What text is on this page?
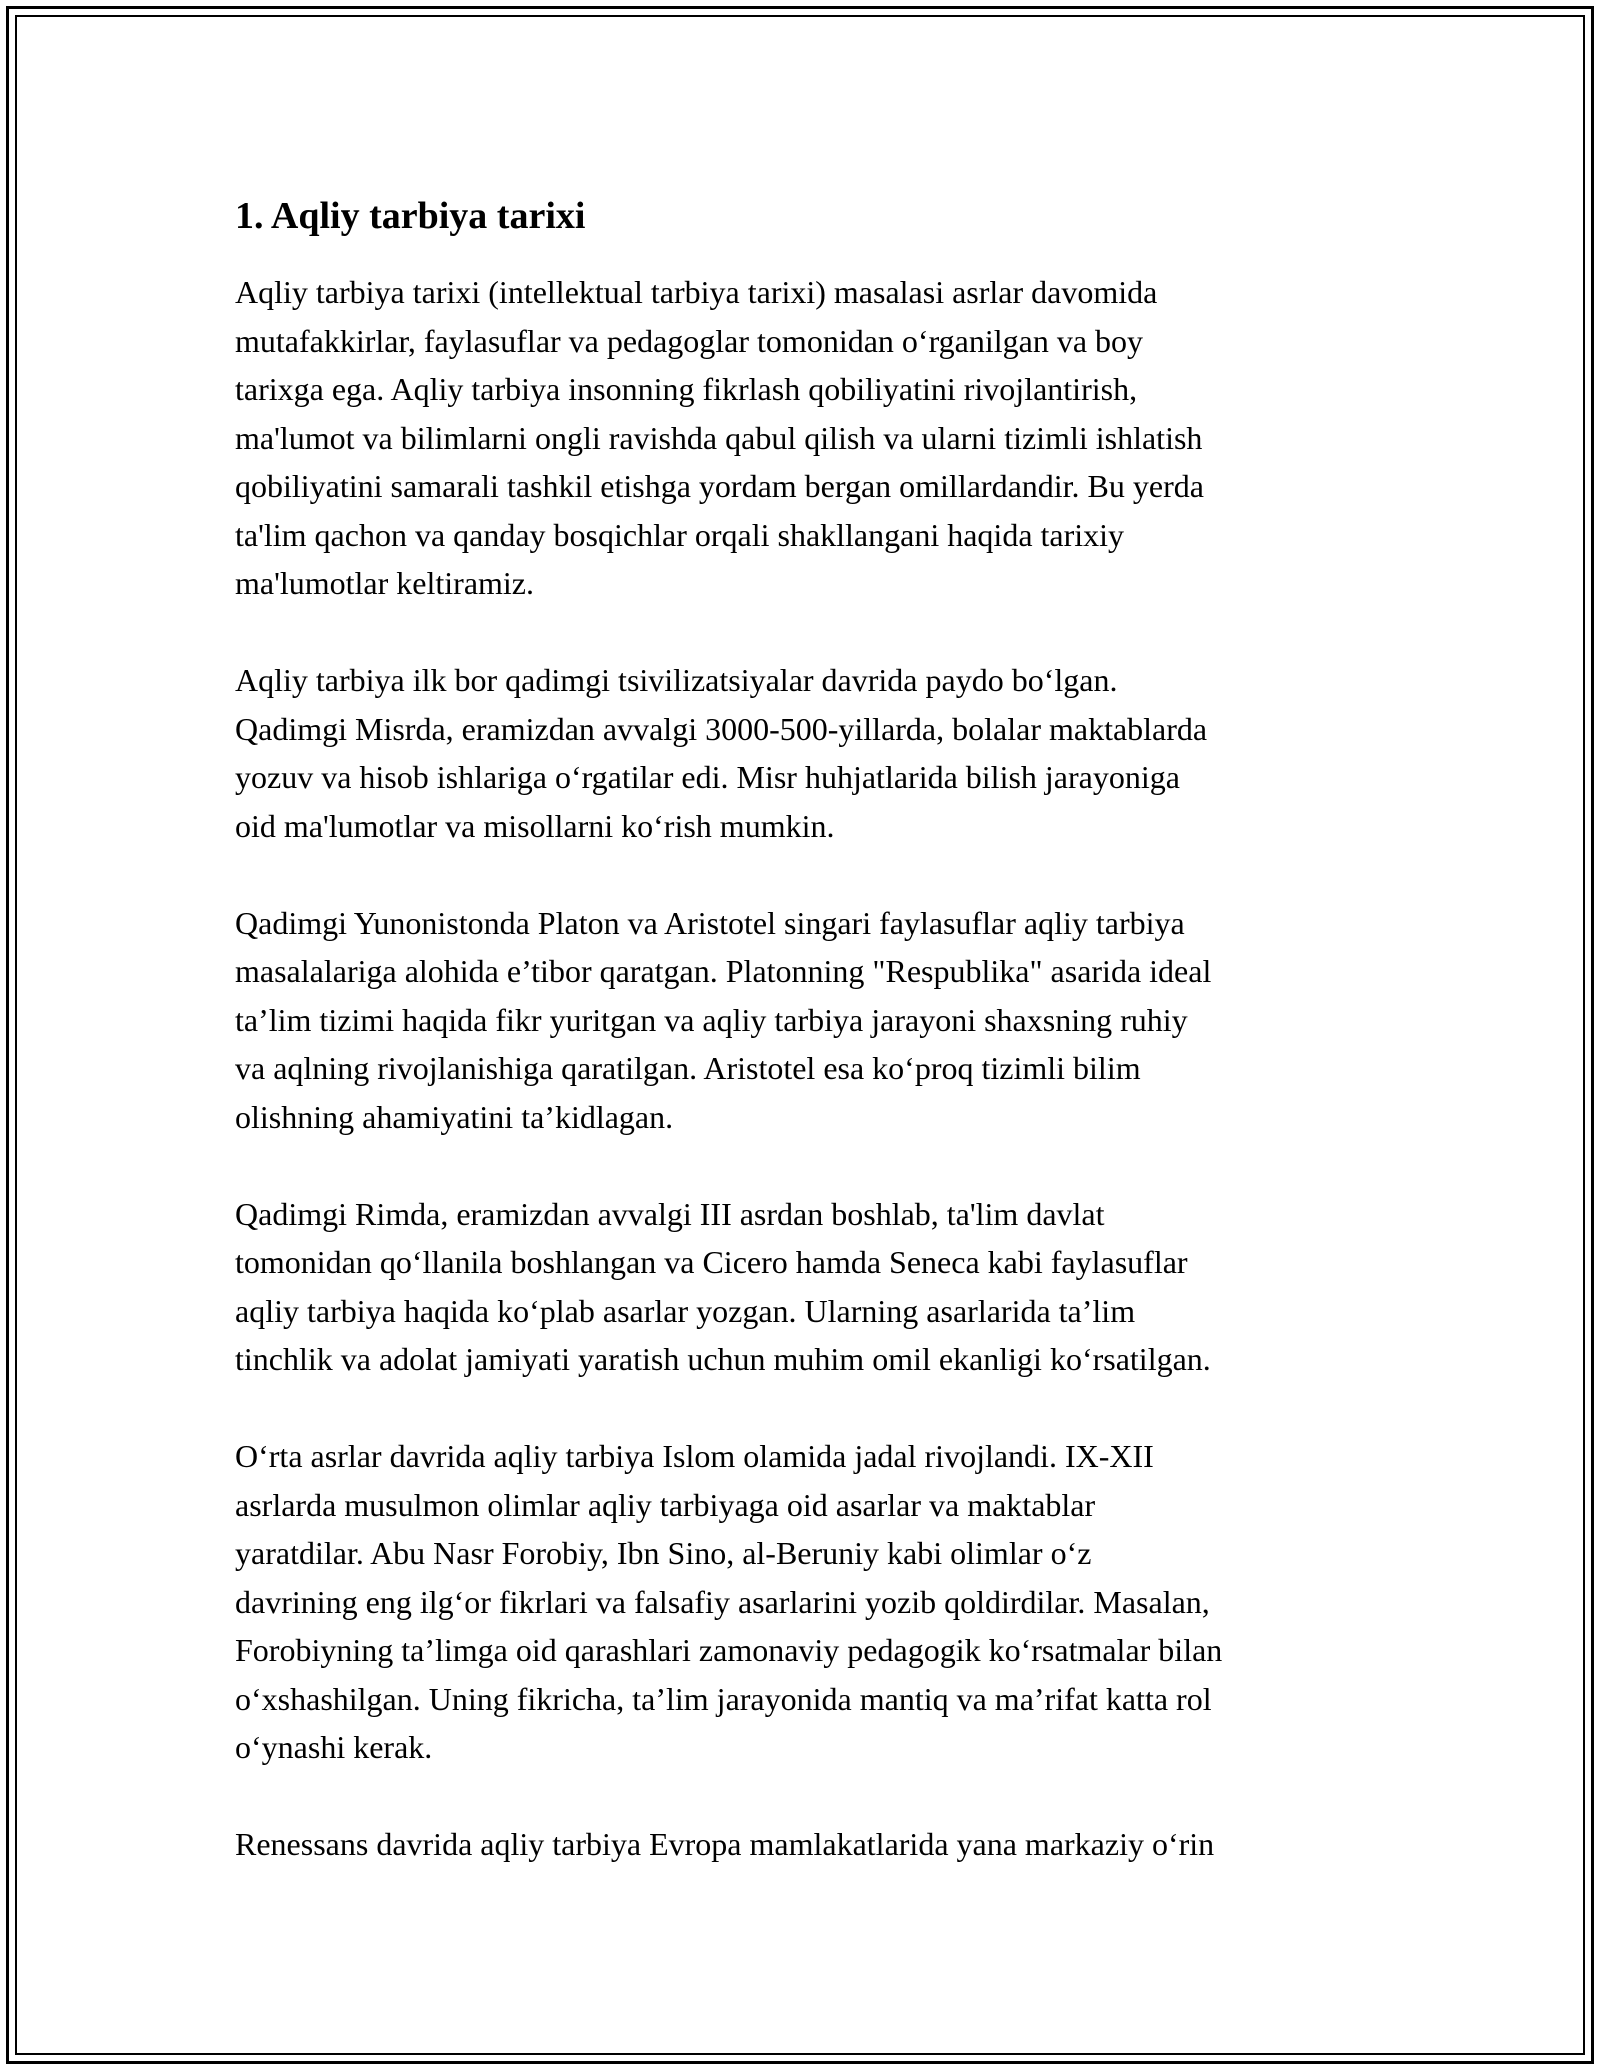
1. Aqliy tarbiya tarixi

Aqliy tarbiya tarixi (intellektual tarbiya tarixi) masalasi asrlar davomida
mutafakkirlar, faylasuflar va pedagoglar tomonidan o‘rganilgan va boy
tarixga ega. Aqliy tarbiya insonning fikrlash qobiliyatini rivojlantirish,
ma'lumot va bilimlarni ongli ravishda qabul qilish va ularni tizimli ishlatish
qobiliyatini samarali tashkil etishga yordam bergan omillardandir. Bu yerda
ta'lim qachon va qanday bosqichlar orqali shakllangani haqida tarixiy
ma'lumotlar keltiramiz.

Aqliy tarbiya ilk bor qadimgi tsivilizatsiyalar davrida paydo bo‘lgan.
Qadimgi Misrda, eramizdan avvalgi 3000-500-yillarda, bolalar maktablarda
yozuv va hisob ishlariga o‘rgatilar edi. Misr huhjatlarida bilish jarayoniga
oid ma'lumotlar va misollarni ko‘rish mumkin.

Qadimgi Yunonistonda Platon va Aristotel singari faylasuflar aqliy tarbiya
masalalariga alohida e’tibor qaratgan. Platonning "Respublika" asarida ideal
ta’lim tizimi haqida fikr yuritgan va aqliy tarbiya jarayoni shaxsning ruhiy
va aqlning rivojlanishiga qaratilgan. Aristotel esa ko‘proq tizimli bilim
olishning ahamiyatini ta’kidlagan.

Qadimgi Rimda, eramizdan avvalgi III asrdan boshlab, ta'lim davlat
tomonidan qo‘llanila boshlangan va Cicero hamda Seneca kabi faylasuflar
aqliy tarbiya haqida ko‘plab asarlar yozgan. Ularning asarlarida ta’lim
tinchlik va adolat jamiyati yaratish uchun muhim omil ekanligi ko‘rsatilgan.

O‘rta asrlar davrida aqliy tarbiya Islom olamida jadal rivojlandi. IX-XII
asrlarda musulmon olimlar aqliy tarbiyaga oid asarlar va maktablar
yaratdilar. Abu Nasr Forobiy, Ibn Sino, al-Beruniy kabi olimlar o‘z
davrining eng ilg‘or fikrlari va falsafiy asarlarini yozib qoldirdilar. Masalan,
Forobiyning ta’limga oid qarashlari zamonaviy pedagogik ko‘rsatmalar bilan
o‘xshashilgan. Uning fikricha, ta’lim jarayonida mantiq va ma’rifat katta rol
o‘ynashi kerak.

Renessans davrida aqliy tarbiya Evropa mamlakatlarida yana markaziy o‘rin
